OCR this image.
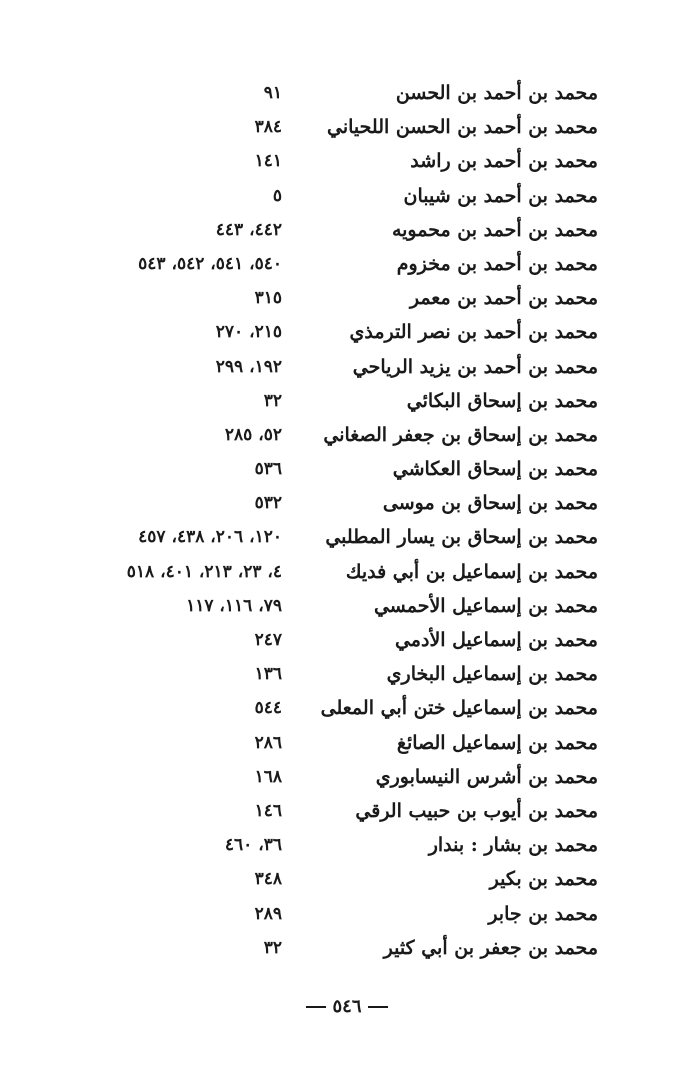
محمد بن أحمد بن الحسن
٩١
محمد بن أحمد بن الحسن اللحياني
٣٨٤
محمد بن أحمد بن راشد
١٤١
محمد بن أحمد بن شيبان
٥
محمد بن أحمد بن محمويه
٤٤٢، ٤٤٣
محمد بن أحمد بن مخزوم
٥٤٠، ٥٤١، ٥٤٢، ٥٤٣
محمد بن أحمد بن معمر
٣١٥
محمد بن أحمد بن نصر الترمذي
٢١٥، ٢٧٠
محمد بن أحمد بن يزيد الرياحي
١٩٢، ٢٩٩
محمد بن إسحاق البكائي
٣٢
محمد بن إسحاق بن جعفر الصغاني
٥٢، ٢٨٥
محمد بن إسحاق العكاشي
٥٣٦
محمد بن إسحاق بن موسى
٥٣٢
محمد بن إسحاق بن يسار المطلبي
١٢٠، ٢٠٦، ٤٣٨، ٤٥٧
محمد بن إسماعيل بن أبي فديك
٤، ٢٣، ٢١٣، ٤٠١، ٥١٨
محمد بن إسماعيل الأحمسي
٧٩، ١١٦، ١١٧
محمد بن إسماعيل الأدمي
٢٤٧
محمد بن إسماعيل البخاري
١٣٦
محمد بن إسماعيل ختن أبي المعلى
٥٤٤
محمد بن إسماعيل الصائغ
٢٨٦
محمد بن أشرس النيسابوري
١٦٨
محمد بن أيوب بن حبيب الرقي
١٤٦
محمد بن بشار : بندار
٣٦، ٤٦٠
محمد بن بكير
٣٤٨
محمد بن جابر
٢٨٩
محمد بن جعفر بن أبي كثير
٣٢
٥٤٦
